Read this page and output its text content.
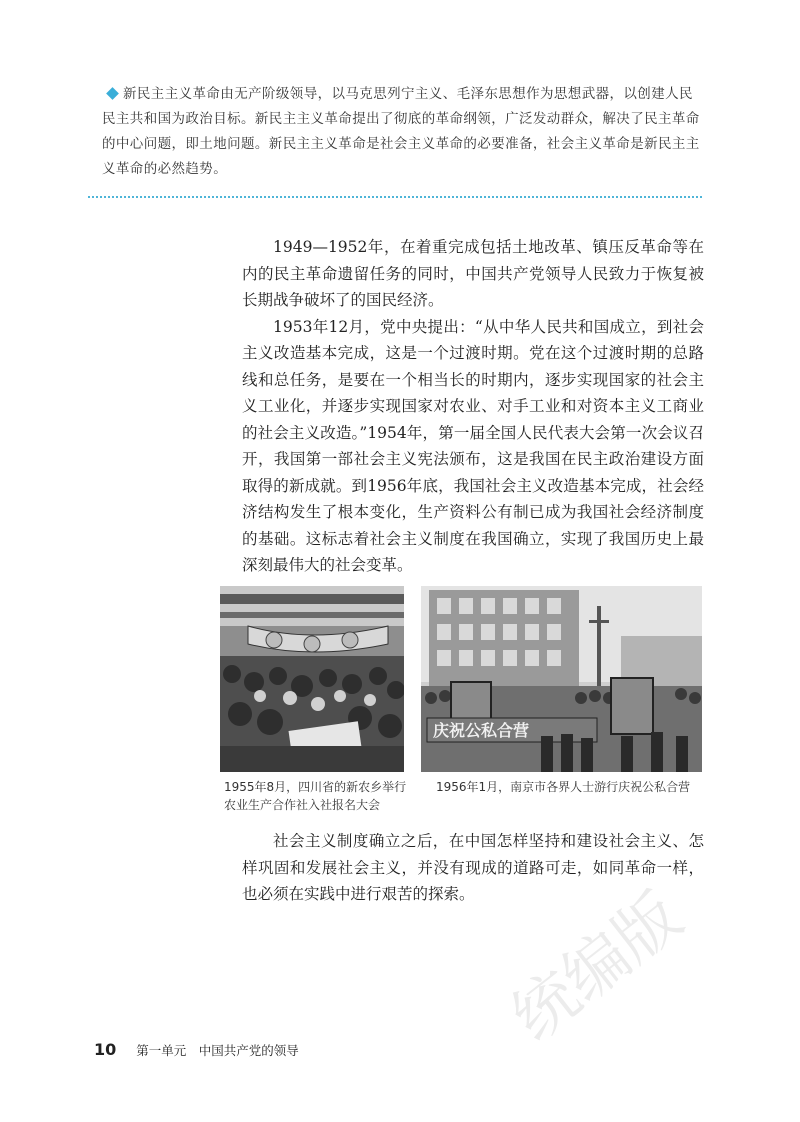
新民主主义革命由无产阶级领导，以马克思列宁主义、毛泽东思想作为思想武器，以创建人民民主共和国为政治目标。新民主主义革命提出了彻底的革命纲领，广泛发动群众，解决了民主革命的中心问题，即土地问题。新民主主义革命是社会主义革命的必要准备，社会主义革命是新民主主义革命的必然趋势。

1949—1952年，在着重完成包括土地改革、镇压反革命等在内的民主革命遗留任务的同时，中国共产党领导人民致力于恢复被长期战争破坏了的国民经济。

1953年12月，党中央提出：“从中华人民共和国成立，到社会主义改造基本完成，这是一个过渡时期。党在这个过渡时期的总路线和总任务，是要在一个相当长的时期内，逐步实现国家的社会主义工业化，并逐步实现国家对农业、对手工业和对资本主义工商业的社会主义改造。”1954年，第一届全国人民代表大会第一次会议召开，我国第一部社会主义宪法颁布，这是我国在民主政治建设方面取得的新成就。到1956年底，我国社会主义改造基本完成，社会经济结构发生了根本变化，生产资料公有制已成为我国社会经济制度的基础。这标志着社会主义制度在我国确立，实现了我国历史上最深刻最伟大的社会变革。

1955年8月，四川省的新农乡举行农业生产合作社入社报名大会
庆祝公私合营
1956年1月，南京市各界人士游行庆祝公私合营

社会主义制度确立之后，在中国怎样坚持和建设社会主义、怎样巩固和发展社会主义，并没有现成的道路可走，如同革命一样，也必须在实践中进行艰苦的探索。 统编版
10 第一单元　中国共产党的领导
